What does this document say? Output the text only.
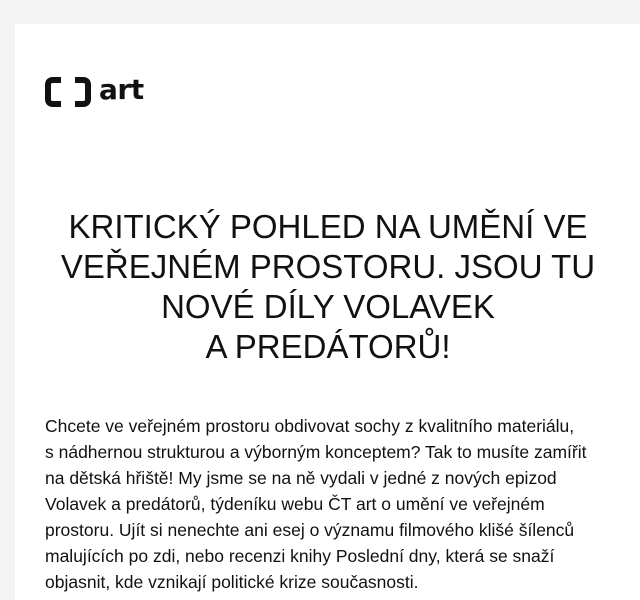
art
KRITICKÝ POHLED NA UMĚNÍ VE
VEŘEJNÉM PROSTORU. JSOU TU
NOVÉ DÍLY VOLAVEK
A PREDÁTORŮ!

Chcete ve veřejném prostoru obdivovat sochy z kvalitního materiálu,
s nádhernou strukturou a výborným konceptem? Tak to musíte zamířit
na dětská hřiště! My jsme se na ně vydali v jedné z nových epizod
Volavek a predátorů, týdeníku webu ČT art o umění ve veřejném
prostoru. Ujít si nenechte ani esej o významu filmového klišé šílenců
malujících po zdi, nebo recenzi knihy Poslední dny, která se snaží
objasnit, kde vznikají politické krize současnosti.
